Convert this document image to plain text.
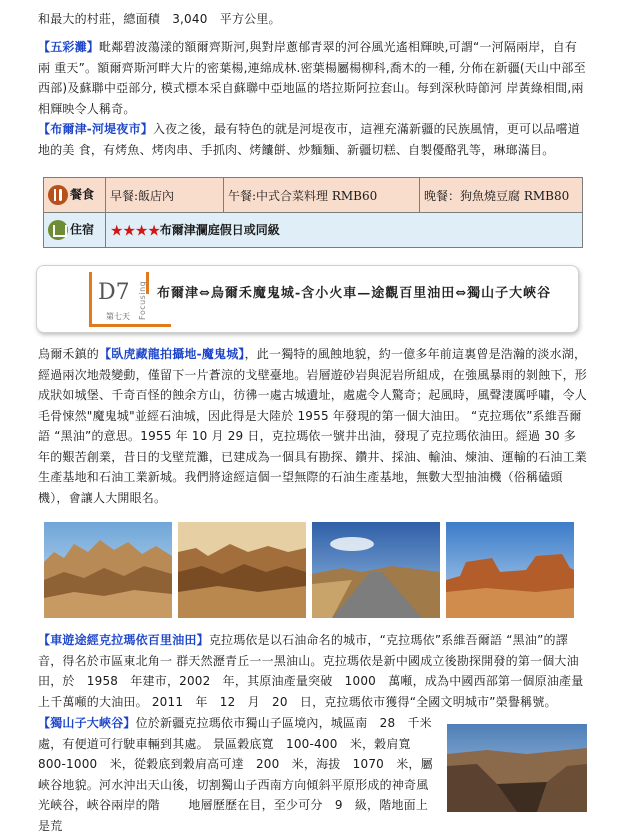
和最大的村莊，總面積　3,040　平方公里。
【五彩灘】毗鄰碧波蕩漾的額爾齊斯河,與對岸蔥郁青翠的河谷風光遙相輝映,可謂“一河隔兩岸，自有兩 重天”。額爾齊斯河畔大片的密葉楊,連綿成林.密葉楊屬楊柳科,喬木的一種, 分佈在新疆(天山中部至西部)及蘇聯中亞部分, 模式標本采自蘇聯中亞地區的塔拉斯阿拉套山。每到深秋時節河 岸黃綠相間,兩相輝映令人稱奇。
【布爾津-河堤夜市】入夜之後，最有特色的就是河堤夜市，這裡充滿新疆的民族風情，更可以品嚐道地的美 食，有烤魚、烤肉串、手抓肉、烤饢餅、炒麵麵、新疆切糕、自製優酪乳等，琳瑯滿目。
餐食	早餐:飯店內	午餐:中式合菜料理 RMB60	晚餐：狗魚燒豆腐 RMB80
住宿	★★★★布爾津瀾庭假日或同級		
D7
第七天 Focusing 布爾津⇔烏爾禾魔鬼城-含小火車—途觀百里油田⇔獨山子大峽谷
烏爾禾鎮的【臥虎藏龍拍攝地-魔鬼城】，此一獨特的風蝕地貌，約一億多年前這裏曾是浩瀚的淡水湖，經過兩次地殼變動，僅留下一片蒼涼的戈壁臺地。岩層遊砂岩與泥岩所組成，在強風暴雨的剝蝕下，形成狀如城堡、千奇百怪的蝕余方山，彷彿一處古城遺址，處處令人驚奇；起風時，風聲淒厲呼嘯，令人毛骨悚然"魔鬼城"並經石油城，因此得是大陸於 1955 年發現的第一個大油田。 “克拉瑪依”系維吾爾語 “黑油”的意思。1955 年 10 月 29 日，克拉瑪依一號井出油，發現了克拉瑪依油田。經過 30 多年的艱苦創業，昔日的戈壁荒灘，已建成為一個具有勘探、鑽井、採油、輸油、煉油、運輸的石油工業生產基地和石油工業新城。我們將途經這個一望無際的石油生產基地，無數大型抽油機（俗稱磕頭機），會讓人大開眼名。
【車遊途經克拉瑪依百里油田】克拉瑪依是以石油命名的城市，“克拉瑪依”系維吾爾語 “黑油”的譯音，得名於市區東北角一 群天然瀝青丘一一黑油山。克拉瑪依是新中國成立後勘探開發的第一個大油田，於　1958　年建市，2002　年，其原油產量突破　1000　萬噸，成為中國西部第一個原油產量上千萬噸的大油田。 2011　年　12　月　20　日，克拉瑪依市獲得“全國文明城市”榮譽稱號。
【獨山子大峽谷】位於新疆克拉瑪依市獨山子區境內，城區南　28　千米處，有便道可行駛車輛到其處。 景區穀底寬　100-400　米，穀肩寬　800-1000　米，從穀底到穀肩高可達　200　米，海拔　1070　米，屬　峽谷地貌。河水沖出天山後，切割獨山子西南方向傾斜平原形成的神奇風光峽谷，峽谷兩岸的階　　 地層歷歷在目，至少可分　9　級，階地面上是荒
